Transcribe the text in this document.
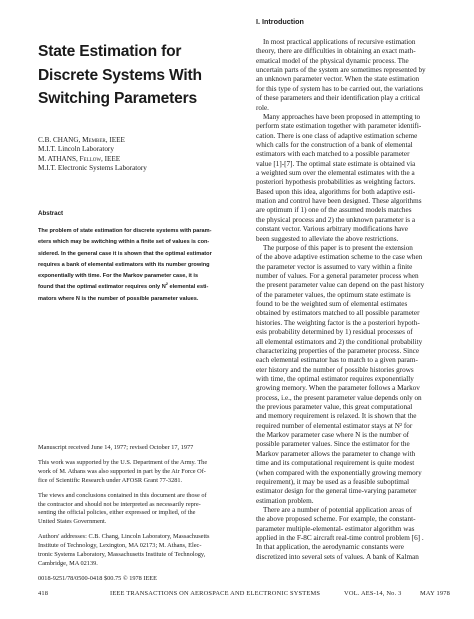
State Estimation for
Discrete Systems With
Switching Parameters
C.B. CHANG, Member, IEEE
M.I.T. Lincoln Laboratory
M. ATHANS, Fellow, IEEE
M.I.T. Electronic Systems Laboratory
Abstract
The problem of state estimation for discrete systems with param-
eters which may be switching within a finite set of values is con-
sidered. In the general case it is shown that the optimal estimator
requires a bank of elemental estimators with its number growing
exponentially with time. For the Markov parameter case, it is
found that the optimal estimator requires only $N^2$ elemental esti-
mators where N is the number of possible parameter values.
Manuscript received June 14, 1977; revised October 17, 1977
This work was supported by the U.S. Department of the Army. The
work of M. Athans was also supported in part by the Air Force Of-
fice of Scientific Research under AFOSR Grant 77-3281.
The views and conclusions contained in this document are those of
the contractor and should not be interpreted as necessarily repre-
senting the official policies, either expressed or implied, of the
United States Government.
Authors' addresses: C.B. Chang, Lincoln Laboratory, Massachusetts
Institute of Technology, Lexington, MA 02173; M. Athans, Elec-
tronic Systems Laboratory, Massachusetts Institute of Technology,
Cambridge, MA 02139.
0018-9251/78/0500-0418 $00.75 © 1978 IEEE
I. Introduction
In most practical applications of recursive estimation
theory, there are difficulties in obtaining an exact math-
ematical model of the physical dynamic process. The
uncertain parts of the system are sometimes represented by
an unknown parameter vector. When the state estimation
for this type of system has to be carried out, the variations
of these parameters and their identification play a critical
role.
Many approaches have been proposed in attempting to
perform state estimation together with parameter identifi-
cation. There is one class of adaptive estimation scheme
which calls for the construction of a bank of elemental
estimators with each matched to a possible parameter
value [1]-[7]. The optimal state estimate is obtained via
a weighted sum over the elemental estimates with the a
posteriori hypothesis probabilities as weighting factors.
Based upon this idea, algorithms for both adaptive esti-
mation and control have been designed. These algorithms
are optimum if 1) one of the assumed models matches
the physical process and 2) the unknown parameter is a
constant vector. Various arbitrary modifications have
been suggested to alleviate the above restrictions.
The purpose of this paper is to present the extension
of the above adaptive estimation scheme to the case when
the parameter vector is assumed to vary within a finite
number of values. For a general parameter process when
the present parameter value can depend on the past history
of the parameter values, the optimum state estimate is
found to be the weighted sum of elemental estimates
obtained by estimators matched to all possible parameter
histories. The weighting factor is the a posteriori hypoth-
esis probability determined by 1) residual processes of
all elemental estimators and 2) the conditional probability
characterizing properties of the parameter process. Since
each elemental estimator has to match to a given param-
eter history and the number of possible histories grows
with time, the optimal estimator requires exponentially
growing memory. When the parameter follows a Markov
process, i.e., the present parameter value depends only on
the previous parameter value, this great computational
and memory requirement is relaxed. It is shown that the
required number of elemental estimator stays at N² for
the Markov parameter case where N is the number of
possible parameter values. Since the estimator for the
Markov parameter allows the parameter to change with
time and its computational requirement is quite modest
(when compared with the exponentially growing memory
requirement), it may be used as a feasible suboptimal
estimator design for the general time-varying parameter
estimation problem.
There are a number of potential application areas of
the above proposed scheme. For example, the constant-
parameter multiple-elemental- estimator algorithm was
applied in the F-8C aircraft real-time control problem [6] .
In that application, the aerodynamic constants were
discretized into several sets of values. A bank of Kalman
418	IEEE TRANSACTIONS ON AEROSPACE AND ELECTRONIC SYSTEMS	VOL. AES-14, No. 3	MAY 1978
